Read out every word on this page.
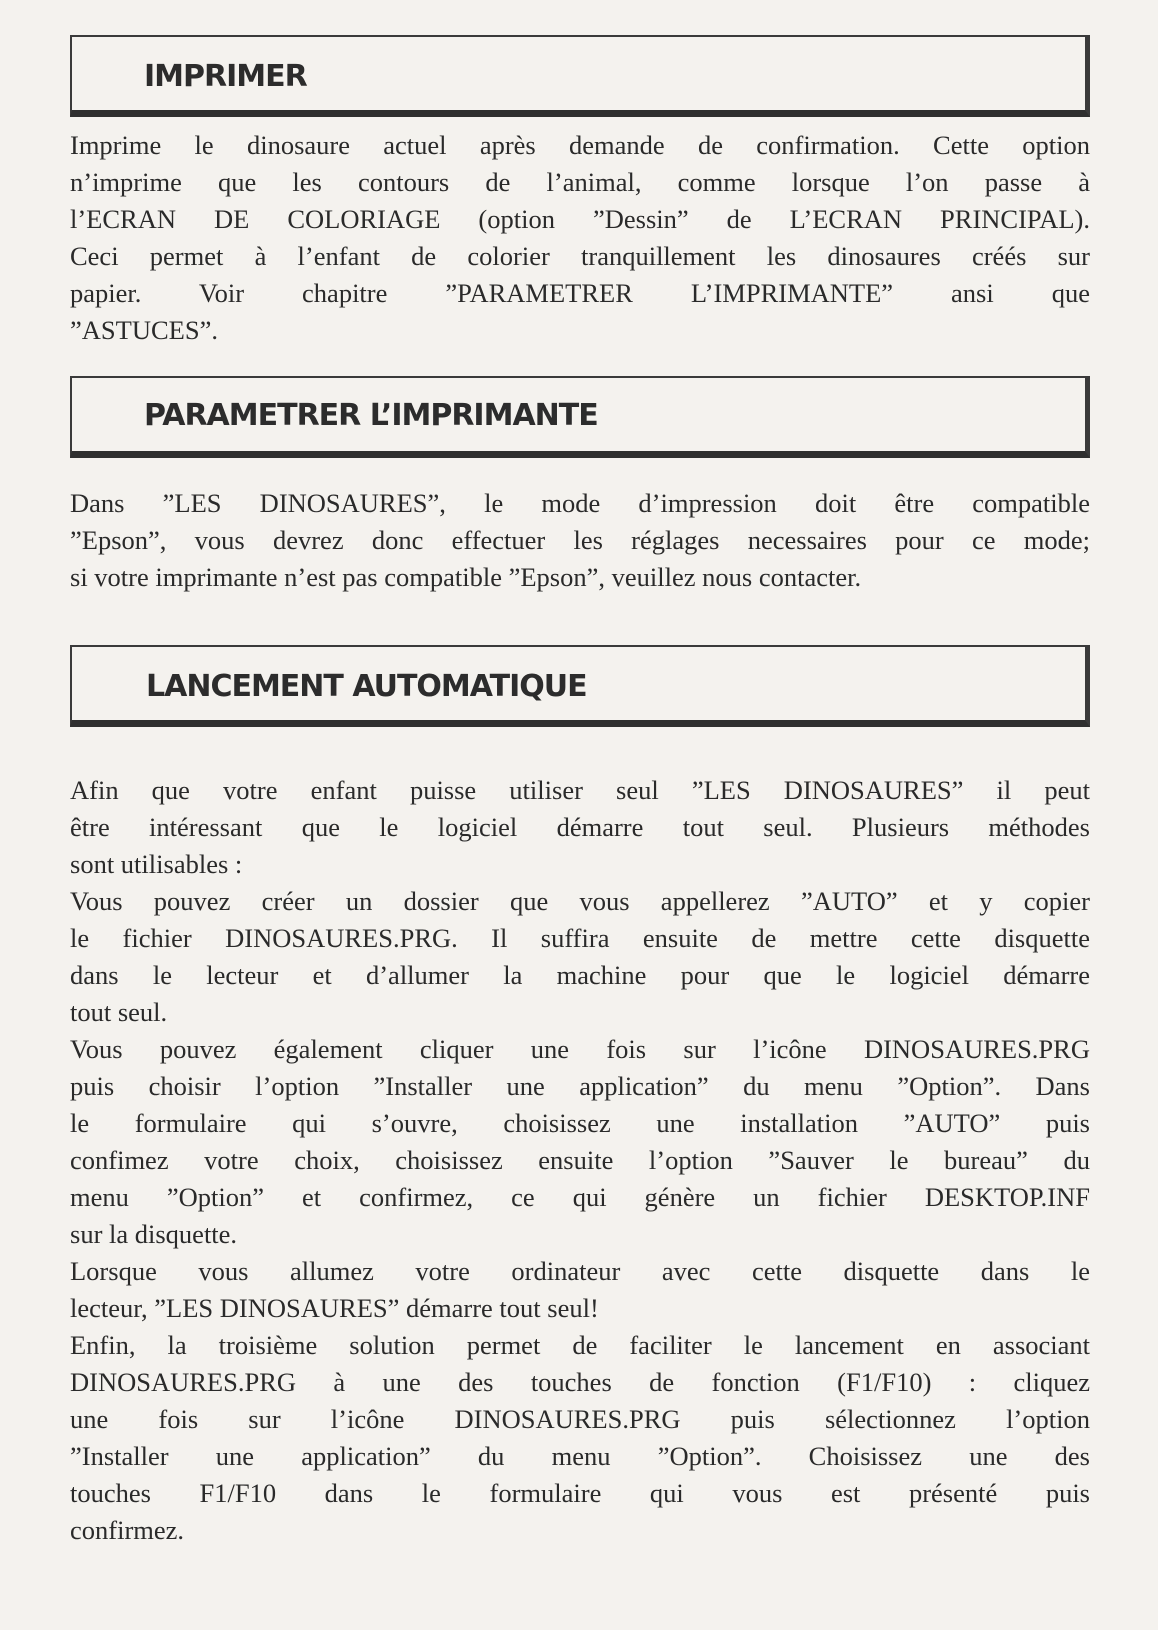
IMPRIMER
Imprime le dinosaure actuel après demande de confirmation. Cette option
n’imprime que les contours de l’animal, comme lorsque l’on passe à
l’ECRAN DE COLORIAGE (option ”Dessin” de L’ECRAN PRINCIPAL).
Ceci permet à l’enfant de colorier tranquillement les dinosaures créés sur
papier. Voir chapitre ”PARAMETRER L’IMPRIMANTE” ansi que
”ASTUCES”.
PARAMETRER L’IMPRIMANTE
Dans ”LES DINOSAURES”, le mode d’impression doit être compatible
”Epson”, vous devrez donc effectuer les réglages necessaires pour ce mode;
si votre imprimante n’est pas compatible ”Epson”, veuillez nous contacter.
LANCEMENT AUTOMATIQUE
Afin que votre enfant puisse utiliser seul ”LES DINOSAURES” il peut
être intéressant que le logiciel démarre tout seul. Plusieurs méthodes
sont utilisables :
Vous pouvez créer un dossier que vous appellerez ”AUTO” et y copier
le fichier DINOSAURES.PRG. Il suffira ensuite de mettre cette disquette
dans le lecteur et d’allumer la machine pour que le logiciel démarre
tout seul.
Vous pouvez également cliquer une fois sur l’icône DINOSAURES.PRG
puis choisir l’option ”Installer une application” du menu ”Option”. Dans
le formulaire qui s’ouvre, choisissez une installation ”AUTO” puis
confimez votre choix, choisissez ensuite l’option ”Sauver le bureau” du
menu ”Option” et confirmez, ce qui génère un fichier DESKTOP.INF
sur la disquette.
Lorsque vous allumez votre ordinateur avec cette disquette dans le
lecteur, ”LES DINOSAURES” démarre tout seul!
Enfin, la troisième solution permet de faciliter le lancement en associant
DINOSAURES.PRG à une des touches de fonction (F1/F10) : cliquez
une fois sur l’icône DINOSAURES.PRG puis sélectionnez l’option
”Installer une application” du menu ”Option”. Choisissez une des
touches F1/F10 dans le formulaire qui vous est présenté puis
confirmez.
